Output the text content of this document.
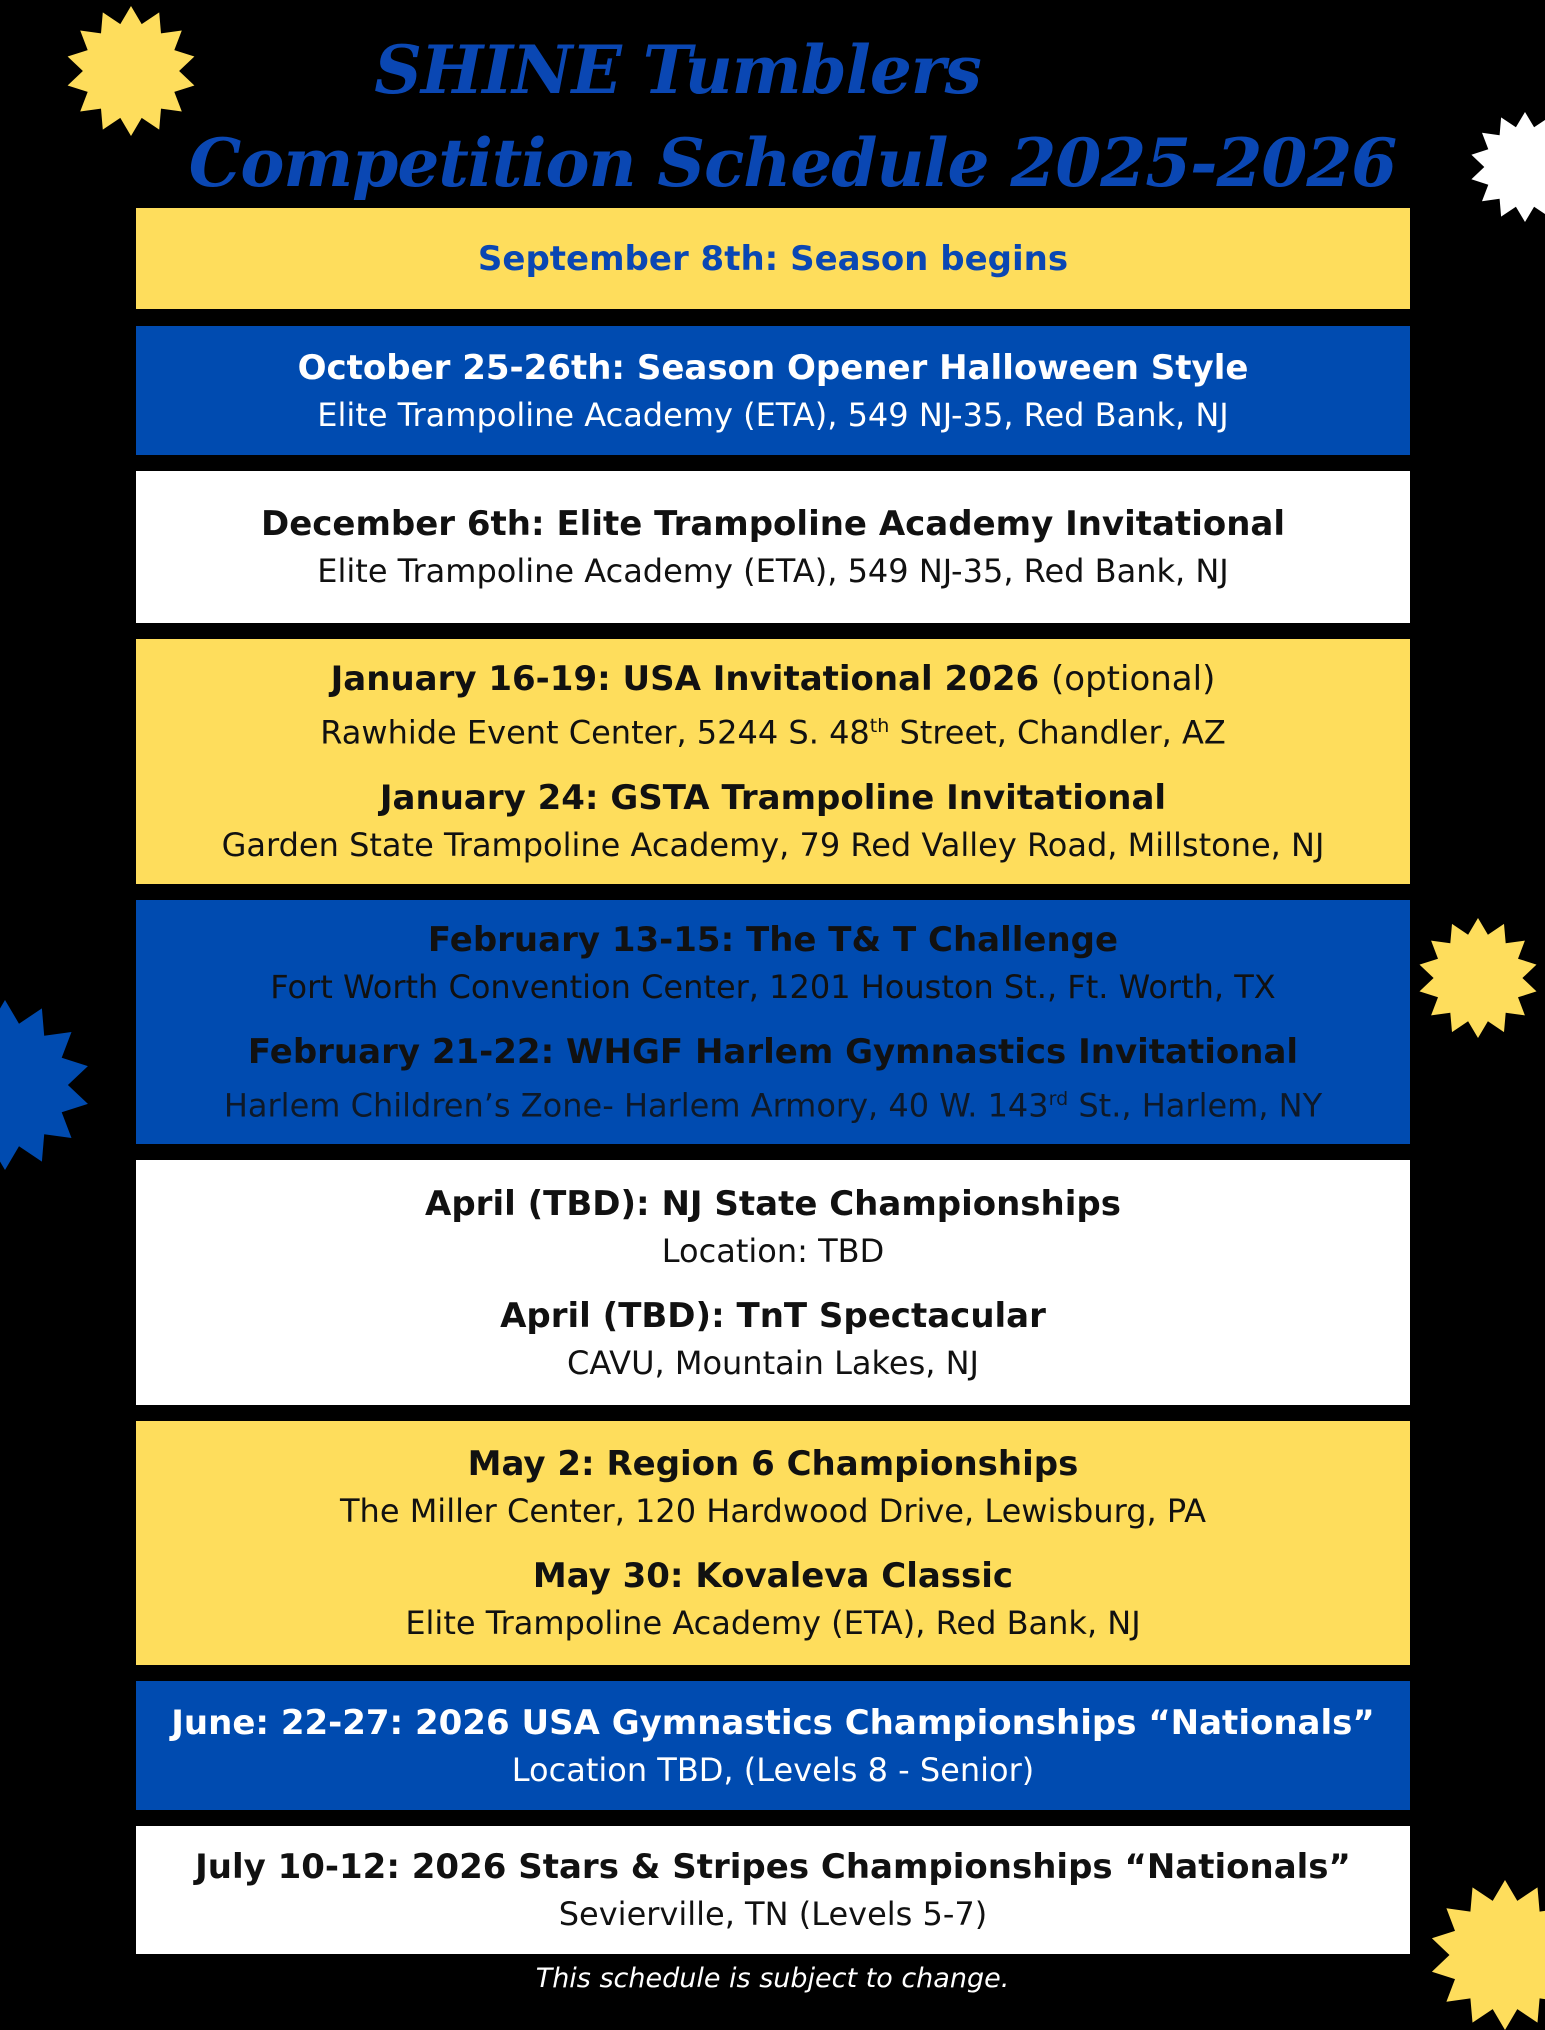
SHINE Tumblers
Competition Schedule 2025-2026
September 8th: Season begins
October 25-26th: Season Opener Halloween Style
Elite Trampoline Academy (ETA), 549 NJ-35, Red Bank, NJ
December 6th: Elite Trampoline Academy Invitational
Elite Trampoline Academy (ETA), 549 NJ-35, Red Bank, NJ
January 16-19: USA Invitational 2026 (optional)
Rawhide Event Center, 5244 S. 48th Street, Chandler, AZ
January 24: GSTA Trampoline Invitational
Garden State Trampoline Academy, 79 Red Valley Road, Millstone, NJ
February 13-15: The T& T Challenge
Fort Worth Convention Center, 1201 Houston St., Ft. Worth, TX
February 21-22: WHGF Harlem Gymnastics Invitational
Harlem Children’s Zone- Harlem Armory, 40 W. 143rd St., Harlem, NY
April (TBD): NJ State Championships
Location: TBD
April (TBD): TnT Spectacular
CAVU, Mountain Lakes, NJ
May 2: Region 6 Championships
The Miller Center, 120 Hardwood Drive, Lewisburg, PA
May 30: Kovaleva Classic
Elite Trampoline Academy (ETA), Red Bank, NJ
June: 22-27: 2026 USA Gymnastics Championships “Nationals”
Location TBD, (Levels 8 - Senior)
July 10-12: 2026 Stars & Stripes Championships “Nationals”
Sevierville, TN (Levels 5-7)
This schedule is subject to change.
